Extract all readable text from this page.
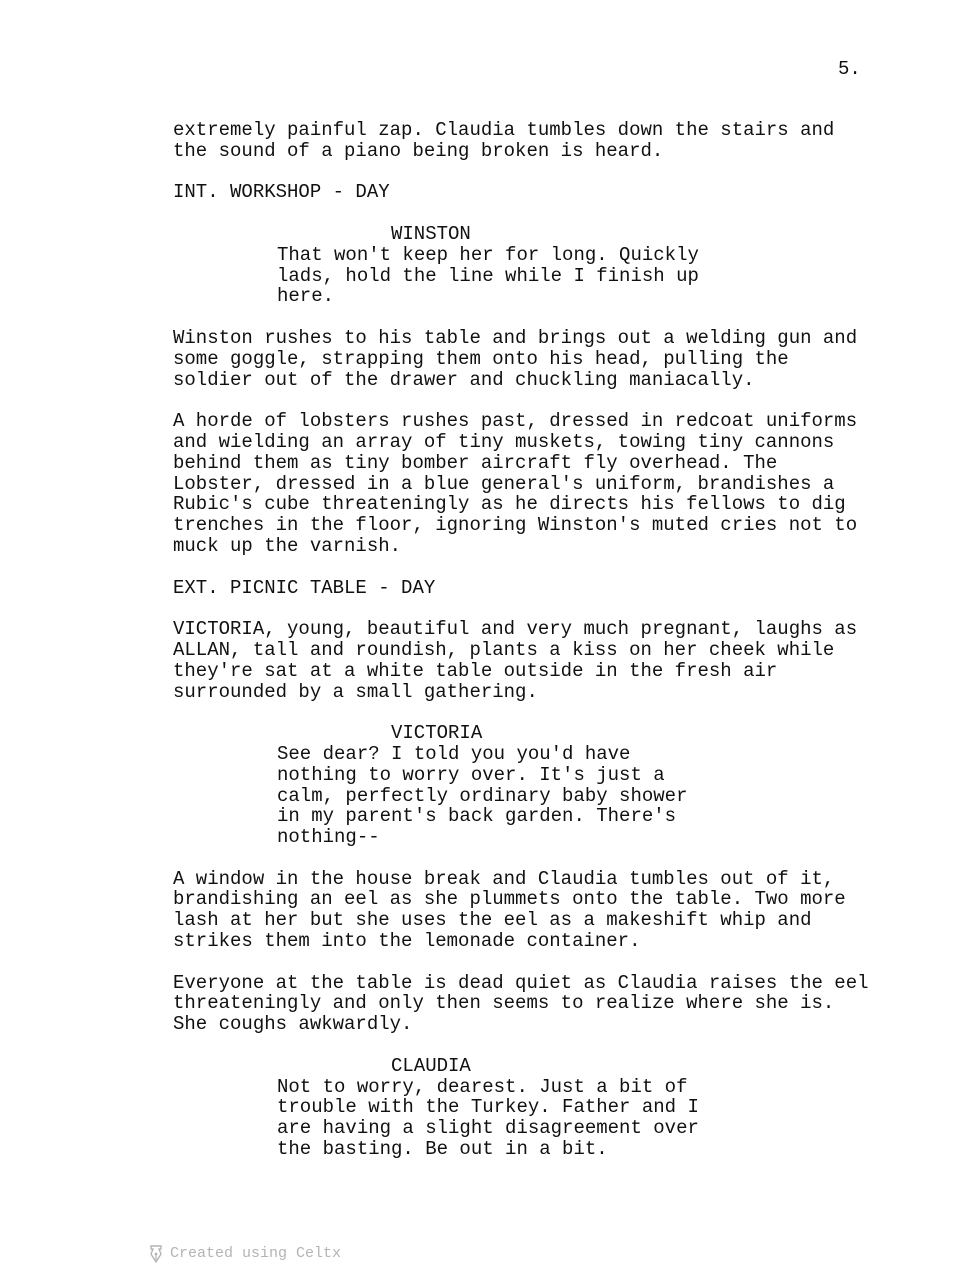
5.
extremely painful zap. Claudia tumbles down the stairs and
the sound of a piano being broken is heard.
INT. WORKSHOP - DAY
WINSTON
That won't keep her for long. Quickly
lads, hold the line while I finish up
here.
Winston rushes to his table and brings out a welding gun and
some goggle, strapping them onto his head, pulling the
soldier out of the drawer and chuckling maniacally.
A horde of lobsters rushes past, dressed in redcoat uniforms
and wielding an array of tiny muskets, towing tiny cannons
behind them as tiny bomber aircraft fly overhead. The
Lobster, dressed in a blue general's uniform, brandishes a
Rubic's cube threateningly as he directs his fellows to dig
trenches in the floor, ignoring Winston's muted cries not to
muck up the varnish.
EXT. PICNIC TABLE - DAY
VICTORIA, young, beautiful and very much pregnant, laughs as
ALLAN, tall and roundish, plants a kiss on her cheek while
they're sat at a white table outside in the fresh air
surrounded by a small gathering.
VICTORIA
See dear? I told you you'd have
nothing to worry over. It's just a
calm, perfectly ordinary baby shower
in my parent's back garden. There's
nothing--
A window in the house break and Claudia tumbles out of it,
brandishing an eel as she plummets onto the table. Two more
lash at her but she uses the eel as a makeshift whip and
strikes them into the lemonade container.
Everyone at the table is dead quiet as Claudia raises the eel
threateningly and only then seems to realize where she is.
She coughs awkwardly.
CLAUDIA
Not to worry, dearest. Just a bit of
trouble with the Turkey. Father and I
are having a slight disagreement over
the basting. Be out in a bit.
Created using Celtx
